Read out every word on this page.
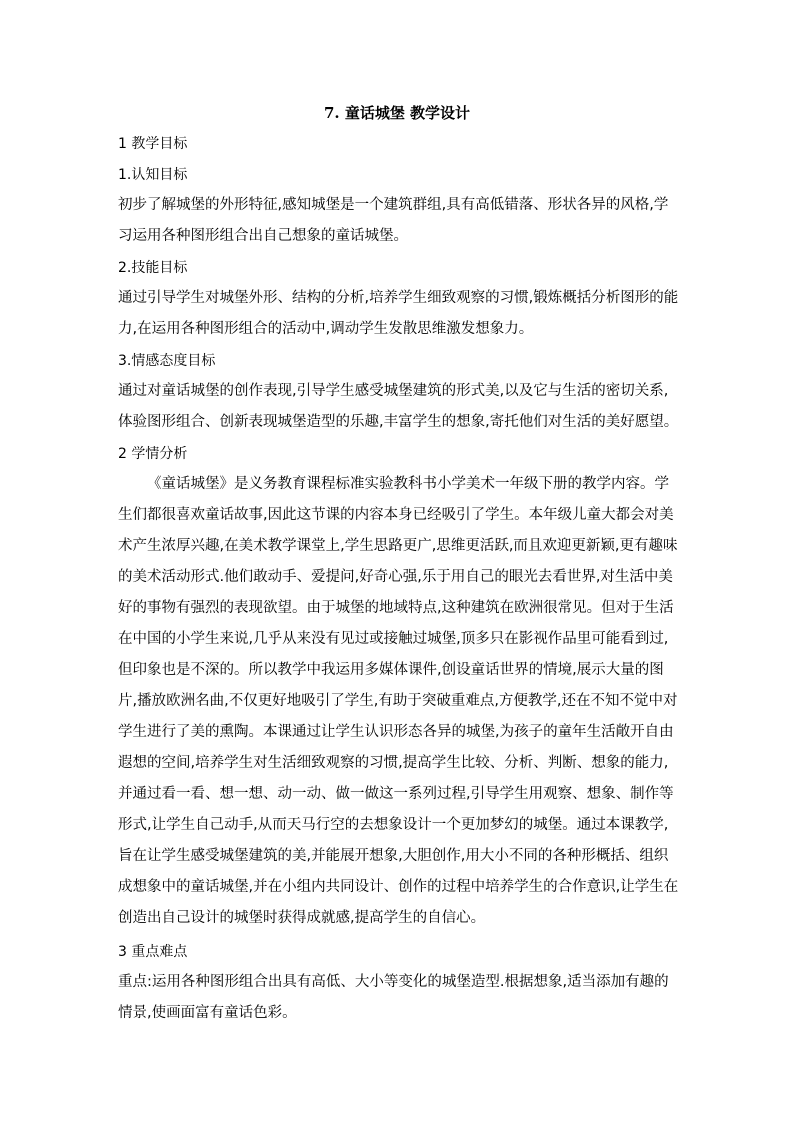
7. 童话城堡 教学设计

1 教学目标

1.认知目标

初步了解城堡的外形特征,感知城堡是一个建筑群组,具有高低错落、形状各异的风格,学习运用各种图形组合出自己想象的童话城堡。

2.技能目标

通过引导学生对城堡外形、结构的分析,培养学生细致观察的习惯,锻炼概括分析图形的能力,在运用各种图形组合的活动中,调动学生发散思维激发想象力。

3.情感态度目标

通过对童话城堡的创作表现,引导学生感受城堡建筑的形式美,以及它与生活的密切关系,体验图形组合、创新表现城堡造型的乐趣,丰富学生的想象,寄托他们对生活的美好愿望。

2 学情分析

《童话城堡》是义务教育课程标准实验教科书小学美术一年级下册的教学内容。学生们都很喜欢童话故事,因此这节课的内容本身已经吸引了学生。本年级儿童大都会对美术产生浓厚兴趣,在美术教学课堂上,学生思路更广,思维更活跃,而且欢迎更新颖,更有趣味的美术活动形式.他们敢动手、爱提问,好奇心强,乐于用自己的眼光去看世界,对生活中美好的事物有强烈的表现欲望。由于城堡的地域特点,这种建筑在欧洲很常见。但对于生活在中国的小学生来说,几乎从来没有见过或接触过城堡,顶多只在影视作品里可能看到过,但印象也是不深的。所以教学中我运用多媒体课件,创设童话世界的情境,展示大量的图片,播放欧洲名曲,不仅更好地吸引了学生,有助于突破重难点,方便教学,还在不知不觉中对学生进行了美的熏陶。本课通过让学生认识形态各异的城堡,为孩子的童年生活敞开自由遐想的空间,培养学生对生活细致观察的习惯,提高学生比较、分析、判断、想象的能力,并通过看一看、想一想、动一动、做一做这一系列过程,引导学生用观察、想象、制作等形式,让学生自己动手,从而天马行空的去想象设计一个更加梦幻的城堡。通过本课教学,旨在让学生感受城堡建筑的美,并能展开想象,大胆创作,用大小不同的各种形概括、组织成想象中的童话城堡,并在小组内共同设计、创作的过程中培养学生的合作意识,让学生在创造出自己设计的城堡时获得成就感,提高学生的自信心。

3 重点难点

重点:运用各种图形组合出具有高低、大小等变化的城堡造型.根据想象,适当添加有趣的情景,使画面富有童话色彩。
